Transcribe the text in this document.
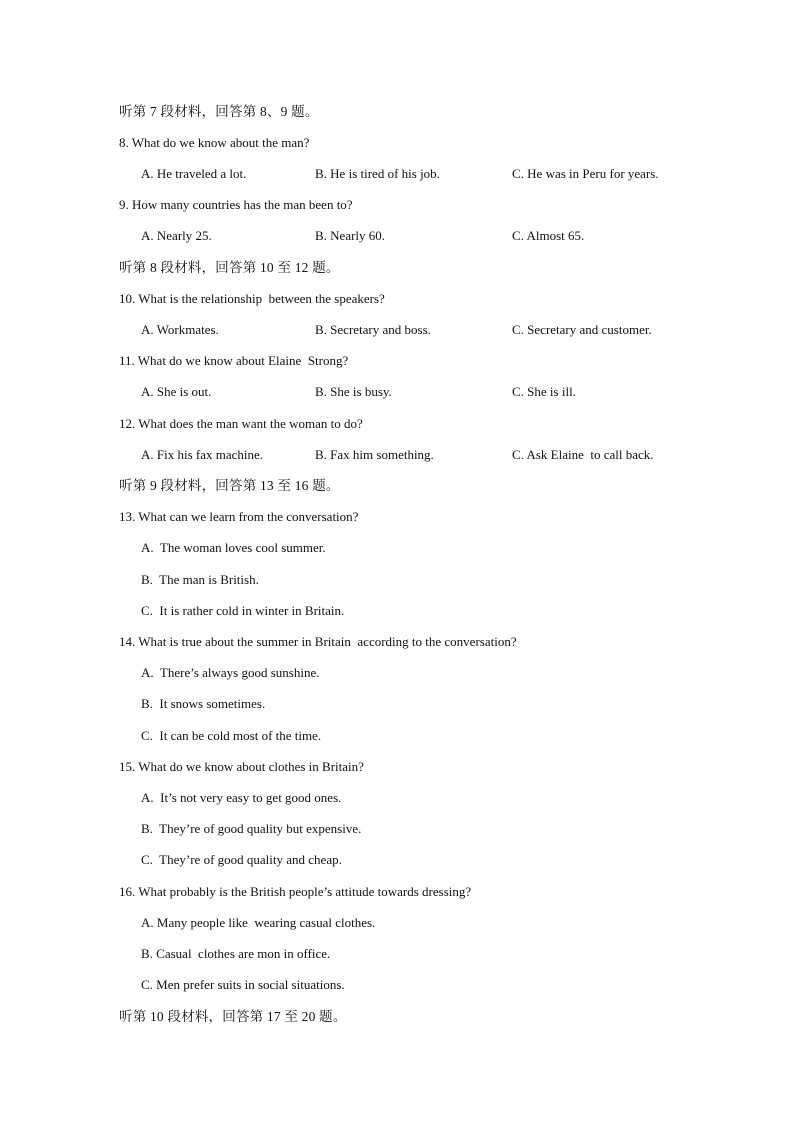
听第 7 段材料，回答第 8、9 题。
8. What do we know about the man?
A. He traveled a lot.	B. He is tired of his job.	C. He was in Peru for years.
9. How many countries has the man been to?
A. Nearly 25.	B. Nearly 60.	C. Almost 65.
听第 8 段材料，回答第 10 至 12 题。
10. What is the relationship  between the speakers?
A. Workmates.	B. Secretary and boss.	C. Secretary and customer.
11. What do we know about Elaine  Strong?
A. She is out.	B. She is busy.	C. She is ill.
12. What does the man want the woman to do?
A. Fix his fax machine.	B. Fax him something.	C. Ask Elaine  to call back.
听第 9 段材料，回答第 13 至 16 题。
13. What can we learn from the conversation?
A.  The woman loves cool summer.
B.  The man is British.
C.  It is rather cold in winter in Britain.
14. What is true about the summer in Britain  according to the conversation?
A.  There’s always good sunshine.
B.  It snows sometimes.
C.  It can be cold most of the time.
15. What do we know about clothes in Britain?
A.  It’s not very easy to get good ones.
B.  They’re of good quality but expensive.
C.  They’re of good quality and cheap.
16. What probably is the British people’s attitude towards dressing?
A. Many people like  wearing casual clothes.
B. Casual  clothes are mon in office.
C. Men prefer suits in social situations.
听第 10 段材料，回答第 17 至 20 题。
